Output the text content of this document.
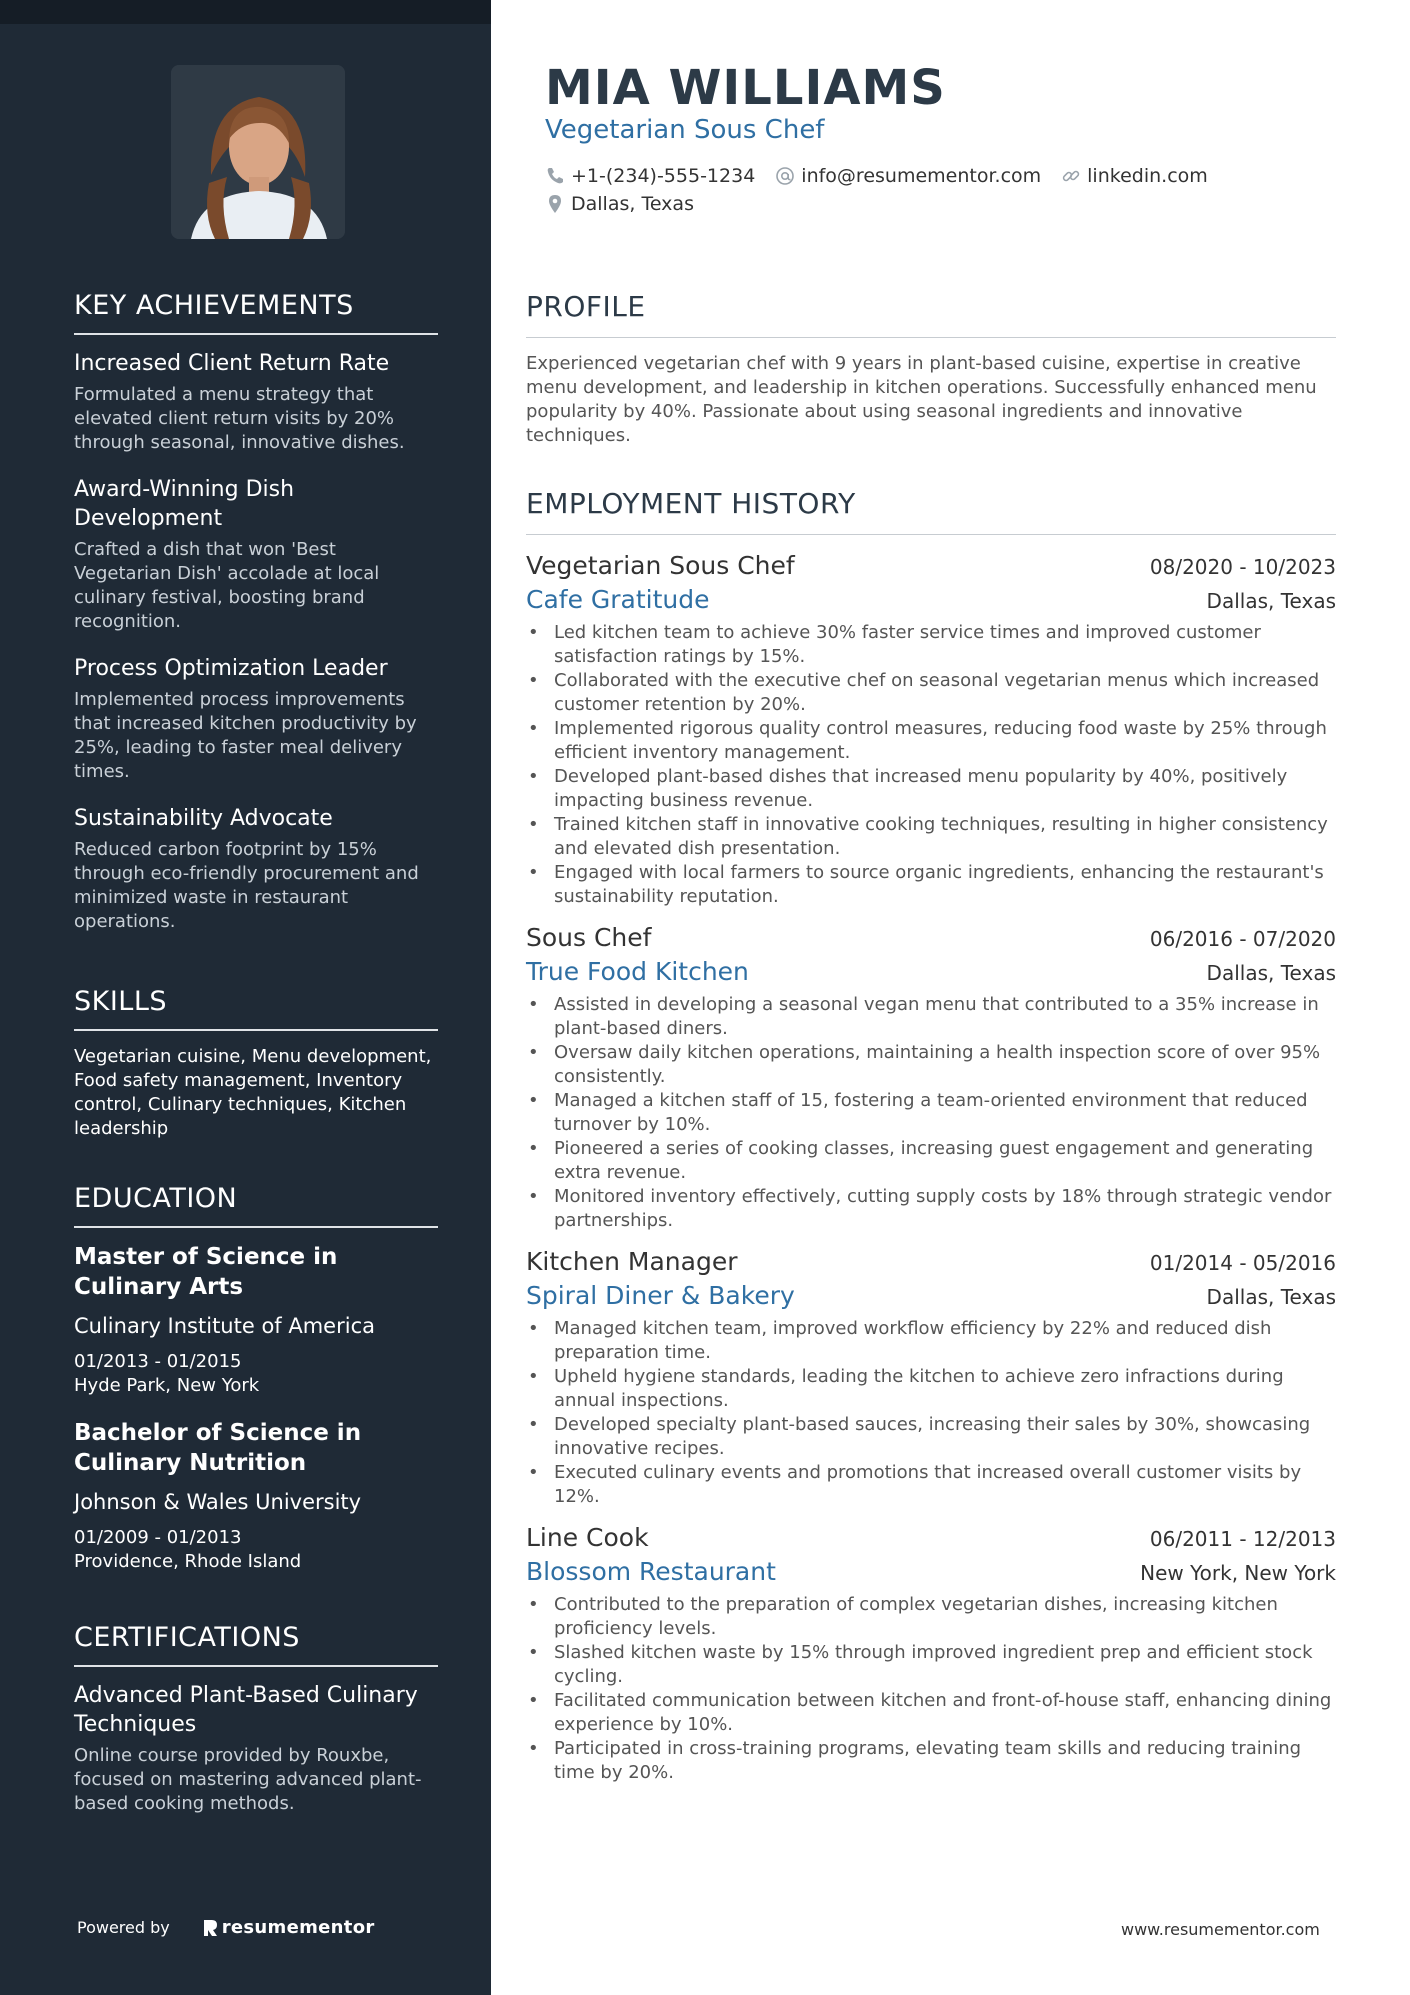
KEY ACHIEVEMENTS
Increased Client Return Rate
Formulated a menu strategy that elevated client return visits by 20% through seasonal, innovative dishes.
Award-Winning Dish Development
Crafted a dish that won 'Best Vegetarian Dish' accolade at local culinary festival, boosting brand recognition.
Process Optimization Leader
Implemented process improvements that increased kitchen productivity by 25%, leading to faster meal delivery times.
Sustainability Advocate
Reduced carbon footprint by 15% through eco-friendly procurement and minimized waste in restaurant operations.
SKILLS
Vegetarian cuisine, Menu development, Food safety management, Inventory control, Culinary techniques, Kitchen leadership
EDUCATION
Master of Science in Culinary Arts
Culinary Institute of America
01/2013 - 01/2015
Hyde Park, New York
Bachelor of Science in Culinary Nutrition
Johnson & Wales University
01/2009 - 01/2013
Providence, Rhode Island
CERTIFICATIONS
Advanced Plant-Based Culinary Techniques
Online course provided by Rouxbe, focused on mastering advanced plant-based cooking methods.
Powered by	resumementor
MIA WILLIAMS
Vegetarian Sous Chef
+1-(234)-555-1234 info@resumementor.com linkedin.com
Dallas, Texas
PROFILE
Experienced vegetarian chef with 9 years in plant-based cuisine, expertise in creative menu development, and leadership in kitchen operations. Successfully enhanced menu popularity by 40%. Passionate about using seasonal ingredients and innovative techniques.
EMPLOYMENT HISTORY
Vegetarian Sous Chef	08/2020 - 10/2023
Cafe Gratitude	Dallas, Texas
• Led kitchen team to achieve 30% faster service times and improved customer satisfaction ratings by 15%.
• Collaborated with the executive chef on seasonal vegetarian menus which increased customer retention by 20%.
• Implemented rigorous quality control measures, reducing food waste by 25% through efficient inventory management.
• Developed plant-based dishes that increased menu popularity by 40%, positively impacting business revenue.
• Trained kitchen staff in innovative cooking techniques, resulting in higher consistency and elevated dish presentation.
• Engaged with local farmers to source organic ingredients, enhancing the restaurant's sustainability reputation.
Sous Chef	06/2016 - 07/2020
True Food Kitchen	Dallas, Texas
• Assisted in developing a seasonal vegan menu that contributed to a 35% increase in plant-based diners.
• Oversaw daily kitchen operations, maintaining a health inspection score of over 95% consistently.
• Managed a kitchen staff of 15, fostering a team-oriented environment that reduced turnover by 10%.
• Pioneered a series of cooking classes, increasing guest engagement and generating extra revenue.
• Monitored inventory effectively, cutting supply costs by 18% through strategic vendor partnerships.
Kitchen Manager	01/2014 - 05/2016
Spiral Diner & Bakery	Dallas, Texas
• Managed kitchen team, improved workflow efficiency by 22% and reduced dish preparation time.
• Upheld hygiene standards, leading the kitchen to achieve zero infractions during annual inspections.
• Developed specialty plant-based sauces, increasing their sales by 30%, showcasing innovative recipes.
• Executed culinary events and promotions that increased overall customer visits by 12%.
Line Cook	06/2011 - 12/2013
Blossom Restaurant	New York, New York
• Contributed to the preparation of complex vegetarian dishes, increasing kitchen proficiency levels.
• Slashed kitchen waste by 15% through improved ingredient prep and efficient stock cycling.
• Facilitated communication between kitchen and front-of-house staff, enhancing dining experience by 10%.
• Participated in cross-training programs, elevating team skills and reducing training time by 20%.
www.resumementor.com
